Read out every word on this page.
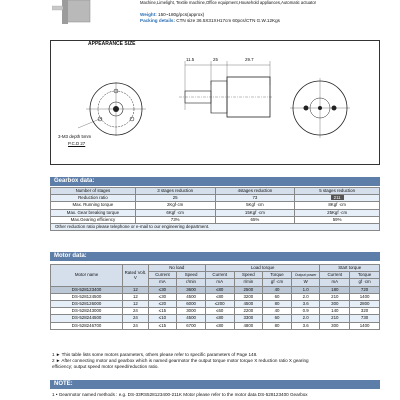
Machine,Limelight, Textile machine,Office equipment,Household appliances,Automatic actuator
Weight: 150~180g/pcs(approx)
Packing details: CTN size 36.5X31XH17cm 60pcs/CTN G.W.12Kgs
APPEARANCE SIZE
3-M3 depth 5mm
P.C.D 27
11.5	25	29.7
Gearbox data:
Number of stages	3 stages reduction	4stages reduction	5 stages reduction
Reduction ratio	25	73	211
Max. Running torque	2Kgf·cm	5Kgf ·cm	8Kgf ·cm
Max. Gear breaking torque	6Kgf ·cm	15Kgf ·cm	25Kgf ·cm
Max.Gearing efficiency	73%	65%	59%
Other reduction ratio please telephone or e-mail to our engineering department.			
Motor data:
Motor name	Rated Volt. V	No load		Load torque				Start torque	
		Current	Speed	Current	Speed	Torque	Output power	Current	Torque
		mA	r/min	mA	r/min	gf ·cm	W	mA	gf ·cm
DS-528123400	12	≤30	3600	≤80	2500	40	1.0	180	720
DS-528124500	12	≤30	4500	≤80	3200	60	2.0	210	1400
DS-528126000	12	≤20	6000	≤200	4500	80	3.6	300	2800
DS-528243000	24	≤15	3000	≤60	2200	40	0.9	140	320
DS-528244500	24	≤10	4500	≤80	3300	60	2.0	210	730
DS-528246700	24	≤15	6700	≤80	4800	80	3.6	300	1400
1 ► This table lists some motors parameters, others please refer to specific parameters of Page 148.
2 ► After connecting motor and gearbox which is named gearmotor the output torque motor torque X reduction ratio X gearing
efficiency; output speed motor speed/reduction ratio.
NOTE:
1 • Gearmotor named methods : e.g. DS-33RS528123400-211K Motor please refer to the motor data DS-528123400 Gearbox
